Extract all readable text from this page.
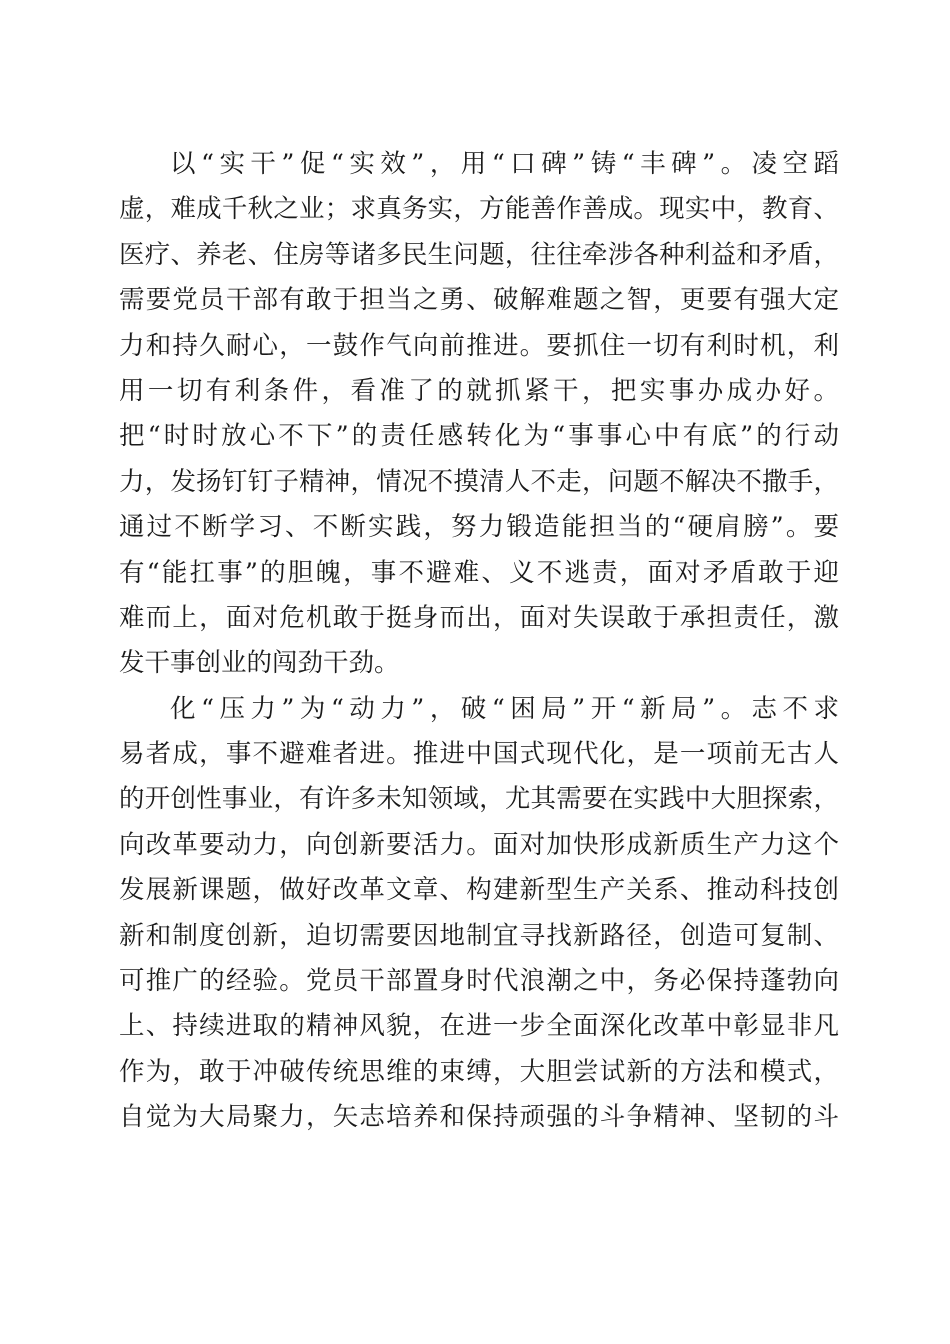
以“实干”促“实效”，用“口碑”铸“丰碑”。凌空蹈
虚，难成千秋之业；求真务实，方能善作善成。现实中，教育、
医疗、养老、住房等诸多民生问题，往往牵涉各种利益和矛盾，
需要党员干部有敢于担当之勇、破解难题之智，更要有强大定
力和持久耐心，一鼓作气向前推进。要抓住一切有利时机，利
用一切有利条件，看准了的就抓紧干，把实事办成办好。
把“时时放心不下”的责任感转化为“事事心中有底”的行动
力，发扬钉钉子精神，情况不摸清人不走，问题不解决不撒手，
通过不断学习、不断实践，努力锻造能担当的“硬肩膀”。要
有“能扛事”的胆魄，事不避难、义不逃责，面对矛盾敢于迎
难而上，面对危机敢于挺身而出，面对失误敢于承担责任，激
发干事创业的闯劲干劲。
化“压力”为“动力”，破“困局”开“新局”。志不求
易者成，事不避难者进。推进中国式现代化，是一项前无古人
的开创性事业，有许多未知领域，尤其需要在实践中大胆探索，
向改革要动力，向创新要活力。面对加快形成新质生产力这个
发展新课题，做好改革文章、构建新型生产关系、推动科技创
新和制度创新，迫切需要因地制宜寻找新路径，创造可复制、
可推广的经验。党员干部置身时代浪潮之中，务必保持蓬勃向
上、持续进取的精神风貌，在进一步全面深化改革中彰显非凡
作为，敢于冲破传统思维的束缚，大胆尝试新的方法和模式，
自觉为大局聚力，矢志培养和保持顽强的斗争精神、坚韧的斗
